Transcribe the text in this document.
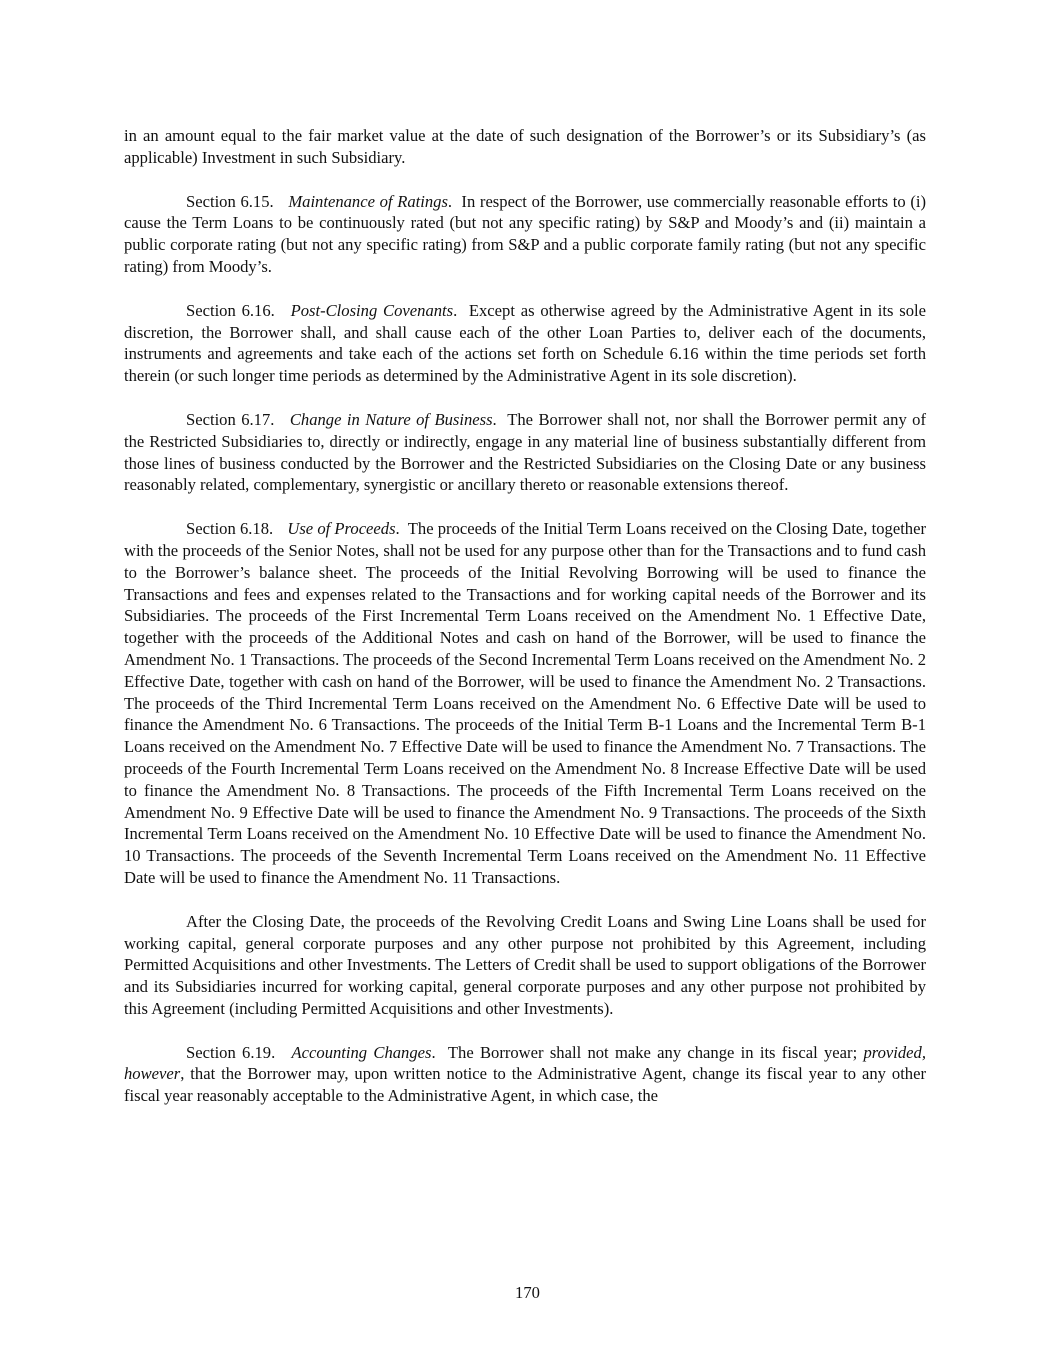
in an amount equal to the fair market value at the date of such designation of the Borrower’s or its Subsidiary’s (as applicable) Investment in such Subsidiary.

Section 6.15. Maintenance of Ratings.  In respect of the Borrower, use commercially reasonable efforts to (i) cause the Term Loans to be continuously rated (but not any specific rating) by S&P and Moody’s and (ii) maintain a public corporate rating (but not any specific rating) from S&P and a public corporate family rating (but not any specific rating) from Moody’s.

Section 6.16. Post-Closing Covenants.  Except as otherwise agreed by the Administrative Agent in its sole discretion, the Borrower shall, and shall cause each of the other Loan Parties to, deliver each of the documents, instruments and agreements and take each of the actions set forth on Schedule 6.16 within the time periods set forth therein (or such longer time periods as determined by the Administrative Agent in its sole discretion).

Section 6.17. Change in Nature of Business.  The Borrower shall not, nor shall the Borrower permit any of the Restricted Subsidiaries to, directly or indirectly, engage in any material line of business substantially different from those lines of business conducted by the Borrower and the Restricted Subsidiaries on the Closing Date or any business reasonably related, complementary, synergistic or ancillary thereto or reasonable extensions thereof.

Section 6.18. Use of Proceeds.  The proceeds of the Initial Term Loans received on the Closing Date, together with the proceeds of the Senior Notes, shall not be used for any purpose other than for the Transactions and to fund cash to the Borrower’s balance sheet. The proceeds of the Initial Revolving Borrowing will be used to finance the Transactions and fees and expenses related to the Transactions and for working capital needs of the Borrower and its Subsidiaries. The proceeds of the First Incremental Term Loans received on the Amendment No. 1 Effective Date, together with the proceeds of the Additional Notes and cash on hand of the Borrower, will be used to finance the Amendment No. 1 Transactions. The proceeds of the Second Incremental Term Loans received on the Amendment No. 2 Effective Date, together with cash on hand of the Borrower, will be used to finance the Amendment No. 2 Transactions. The proceeds of the Third Incremental Term Loans received on the Amendment No. 6 Effective Date will be used to finance the Amendment No. 6 Transactions. The proceeds of the Initial Term B-1 Loans and the Incremental Term B-1 Loans received on the Amendment No. 7 Effective Date will be used to finance the Amendment No. 7 Transactions. The proceeds of the Fourth Incremental Term Loans received on the Amendment No. 8 Increase Effective Date will be used to finance the Amendment No. 8 Transactions. The proceeds of the Fifth Incremental Term Loans received on the Amendment No. 9 Effective Date will be used to finance the Amendment No. 9 Transactions. The proceeds of the Sixth Incremental Term Loans received on the Amendment No. 10 Effective Date will be used to finance the Amendment No. 10 Transactions. The proceeds of the Seventh Incremental Term Loans received on the Amendment No. 11 Effective Date will be used to finance the Amendment No. 11 Transactions.

After the Closing Date, the proceeds of the Revolving Credit Loans and Swing Line Loans shall be used for working capital, general corporate purposes and any other purpose not prohibited by this Agreement, including Permitted Acquisitions and other Investments. The Letters of Credit shall be used to support obligations of the Borrower and its Subsidiaries incurred for working capital, general corporate purposes and any other purpose not prohibited by this Agreement (including Permitted Acquisitions and other Investments).

Section 6.19. Accounting Changes.  The Borrower shall not make any change in its fiscal year; provided, however, that the Borrower may, upon written notice to the Administrative Agent, change its fiscal year to any other fiscal year reasonably acceptable to the Administrative Agent, in which case, the

170
